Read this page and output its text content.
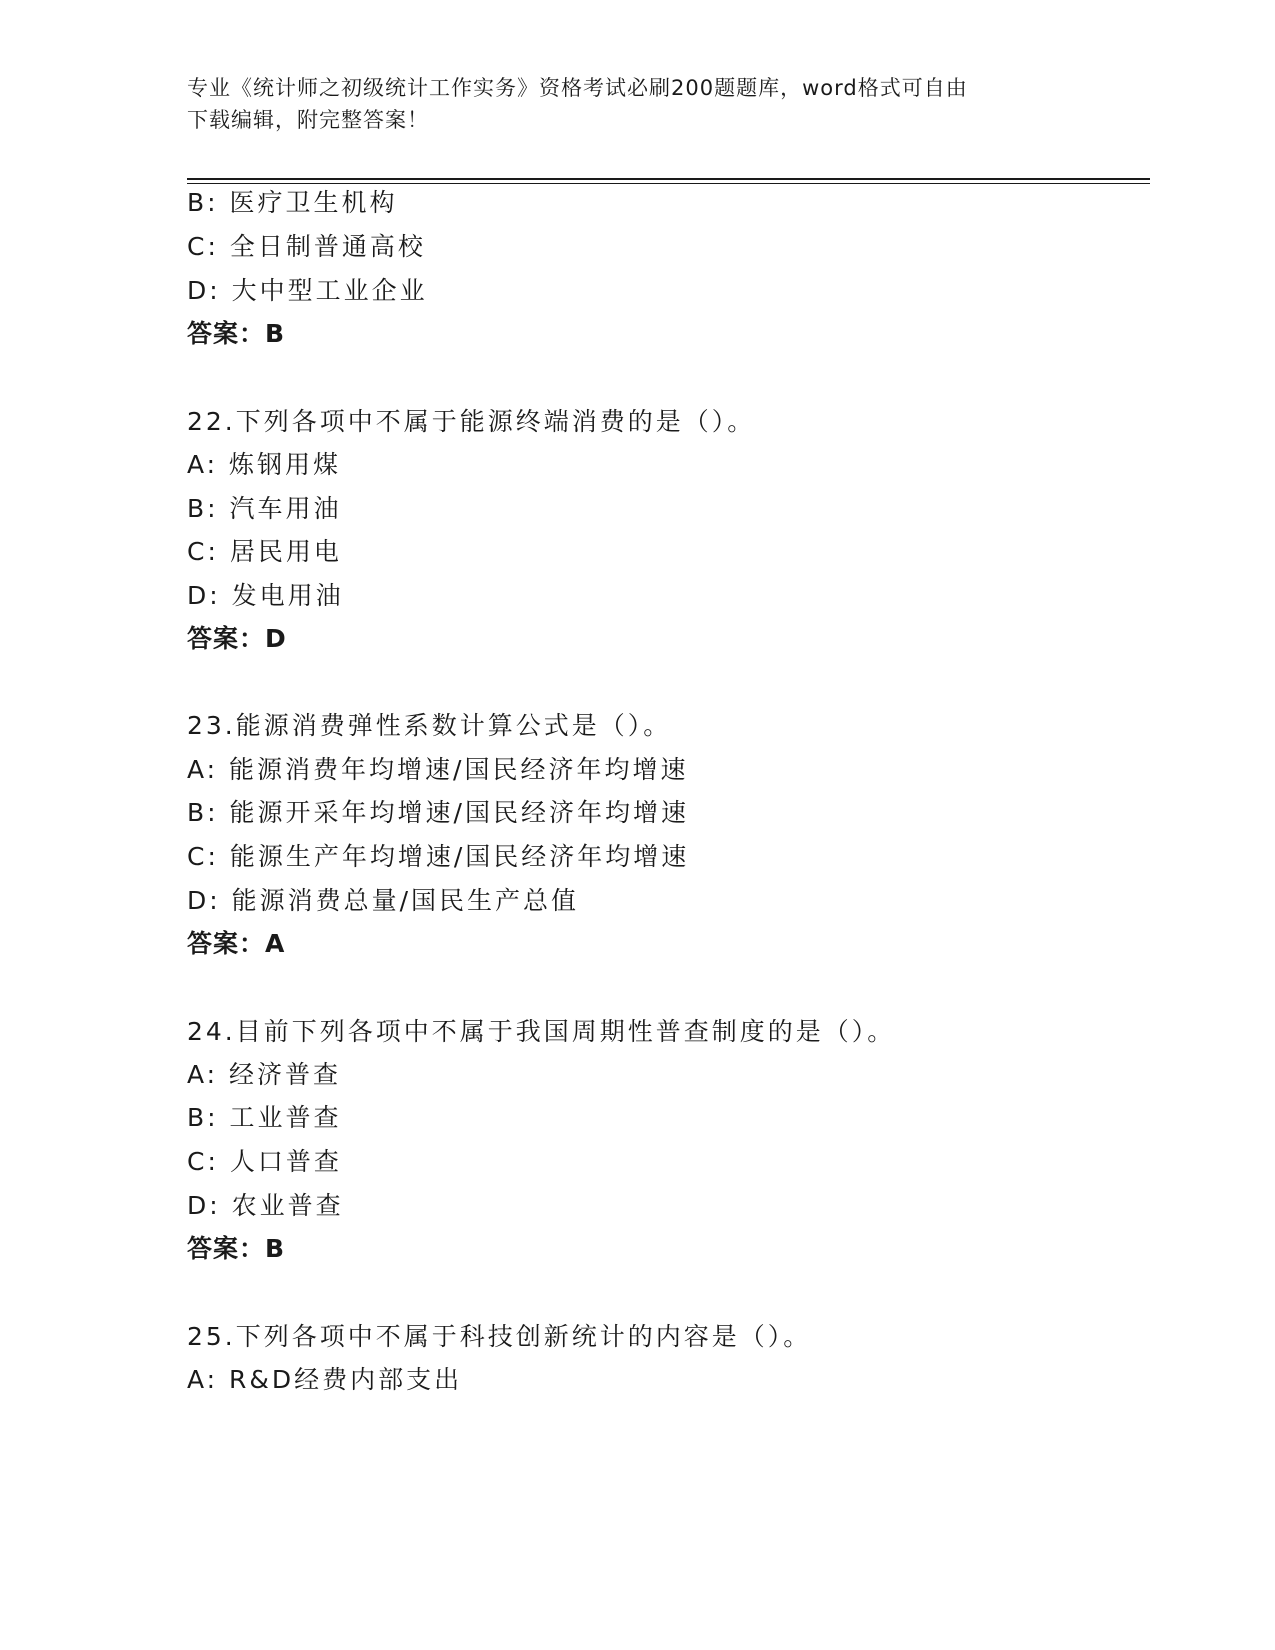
专业《统计师之初级统计工作实务》资格考试必刷200题题库，word格式可自由
下载编辑，附完整答案！
B: 医疗卫生机构
C: 全日制普通高校
D: 大中型工业企业
答案：B
22.下列各项中不属于能源终端消费的是（）。
A: 炼钢用煤
B: 汽车用油
C: 居民用电
D: 发电用油
答案：D
23.能源消费弹性系数计算公式是（）。
A: 能源消费年均增速/国民经济年均增速
B: 能源开采年均增速/国民经济年均增速
C: 能源生产年均增速/国民经济年均增速
D: 能源消费总量/国民生产总值
答案：A
24.目前下列各项中不属于我国周期性普查制度的是（）。
A: 经济普查
B: 工业普查
C: 人口普查
D: 农业普查
答案：B
25.下列各项中不属于科技创新统计的内容是（）。
A: R&D经费内部支出
